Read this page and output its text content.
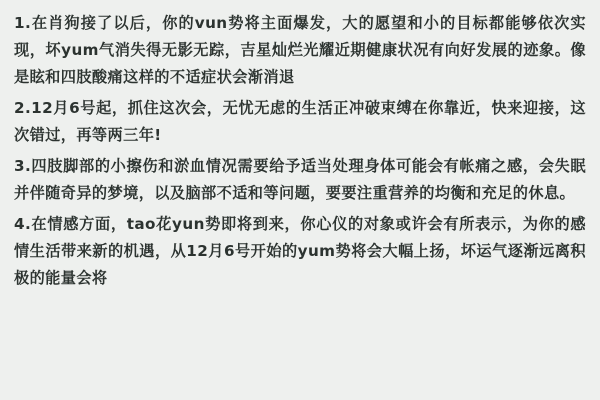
1.在肖狗接了以后，你的vun势将主面爆发，大的愿望和小的目标都能够依次实现，坏yum气消失得无影无踪，吉星灿烂光耀近期健康状况有向好发展的迹象。像是眩和四肢酸痛这样的不适症状会渐消退

2.12月6号起，抓住这次会，无忧无虑的生活正冲破束缚在你靠近，快来迎接，这次错过，再等两三年!

3.四肢脚部的小擦伤和淤血情况需要给予适当处理身体可能会有帐痛之感，会失眠并伴随奇异的梦境，以及脑部不适和等问题，要要注重营养的均衡和充足的休息。

4.在情感方面，tao花yun势即将到来，你心仪的对象或许会有所表示，为你的感情生活带来新的机遇，从12月6号开始的yum势将会大幅上扬，坏运气逐渐远离积极的能量会将
